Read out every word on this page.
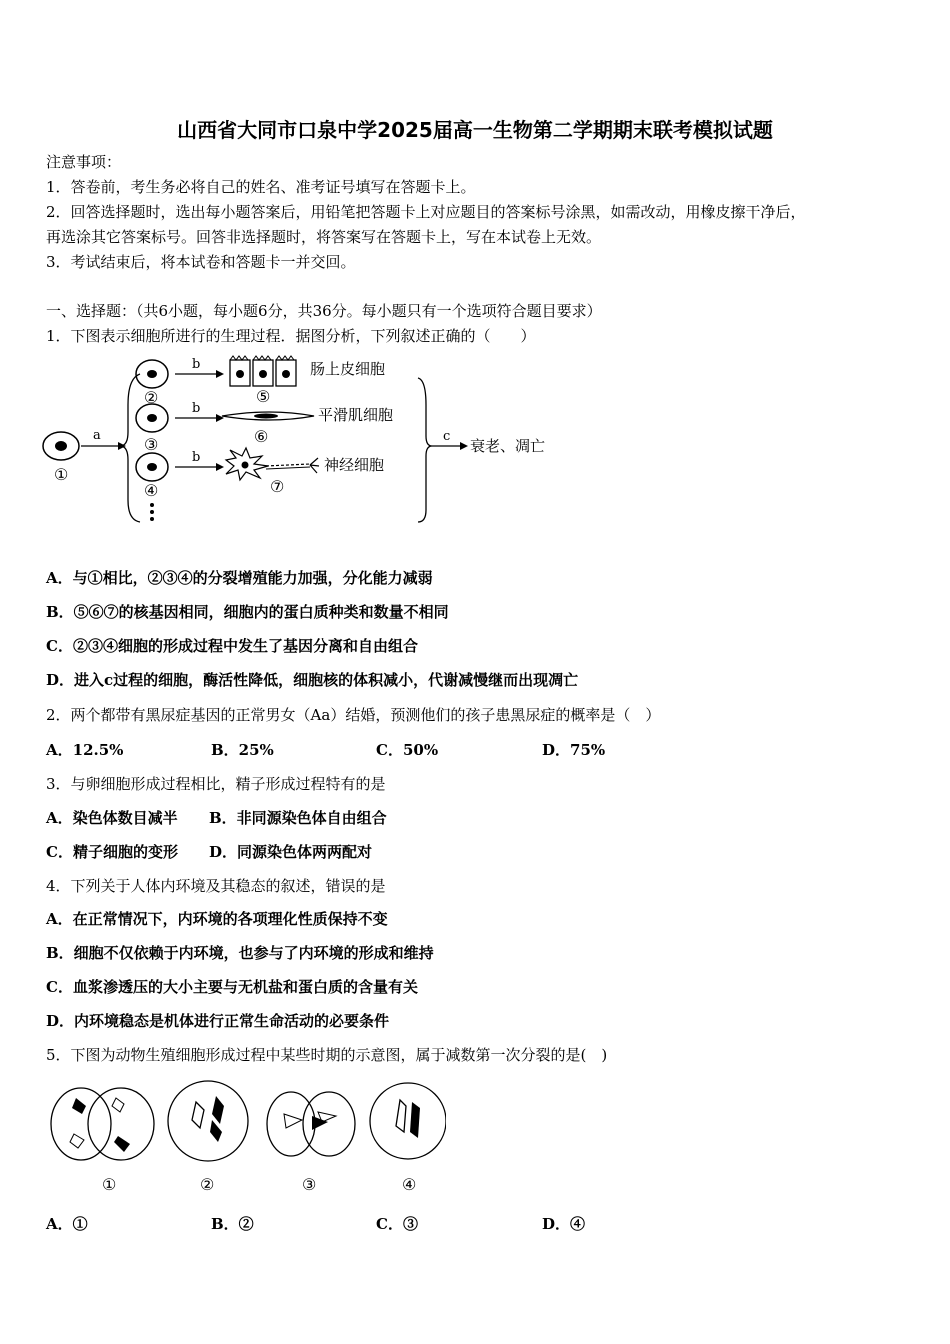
山西省大同市口泉中学2025届高一生物第二学期期末联考模拟试题
注意事项：
1．答卷前，考生务必将自己的姓名、准考证号填写在答题卡上。
2．回答选择题时，选出每小题答案后，用铅笔把答题卡上对应题目的答案标号涂黑，如需改动，用橡皮擦干净后，
再选涂其它答案标号。回答非选择题时，将答案写在答题卡上，写在本试卷上无效。
3．考试结束后，将本试卷和答题卡一并交回。
一、选择题：（共6小题，每小题6分，共36分。每小题只有一个选项符合题目要求）
1．下图表示细胞所进行的生理过程．据图分析，下列叙述正确的（　　）
①
a
②
③
④
b
b
b
⑤
肠上皮细胞
⑥
平滑肌细胞
⑦
神经细胞
c
衰老、凋亡
A．与①相比，②③④的分裂增殖能力加强，分化能力减弱
B．⑤⑥⑦的核基因相同，细胞内的蛋白质种类和数量不相同
C．②③④细胞的形成过程中发生了基因分离和自由组合
D．进入c过程的细胞，酶活性降低，细胞核的体积减小，代谢减慢继而出现凋亡
2．两个都带有黑尿症基因的正常男女（Aa）结婚，预测他们的孩子患黑尿症的概率是（　）
A．12.5%	B．25%	C．50%	D．75%
3．与卵细胞形成过程相比，精子形成过程特有的是
A．染色体数目减半 B．非同源染色体自由组合
C．精子细胞的变形 D．同源染色体两两配对
4．下列关于人体内环境及其稳态的叙述，错误的是
A．在正常情况下，内环境的各项理化性质保持不变
B．细胞不仅依赖于内环境，也参与了内环境的形成和维持
C．血浆渗透压的大小主要与无机盐和蛋白质的含量有关
D．内环境稳态是机体进行正常生命活动的必要条件
5．下图为动物生殖细胞形成过程中某些时期的示意图，属于减数第一次分裂的是(　)
①	②	③	④
A．①	B．②	C．③	D．④
